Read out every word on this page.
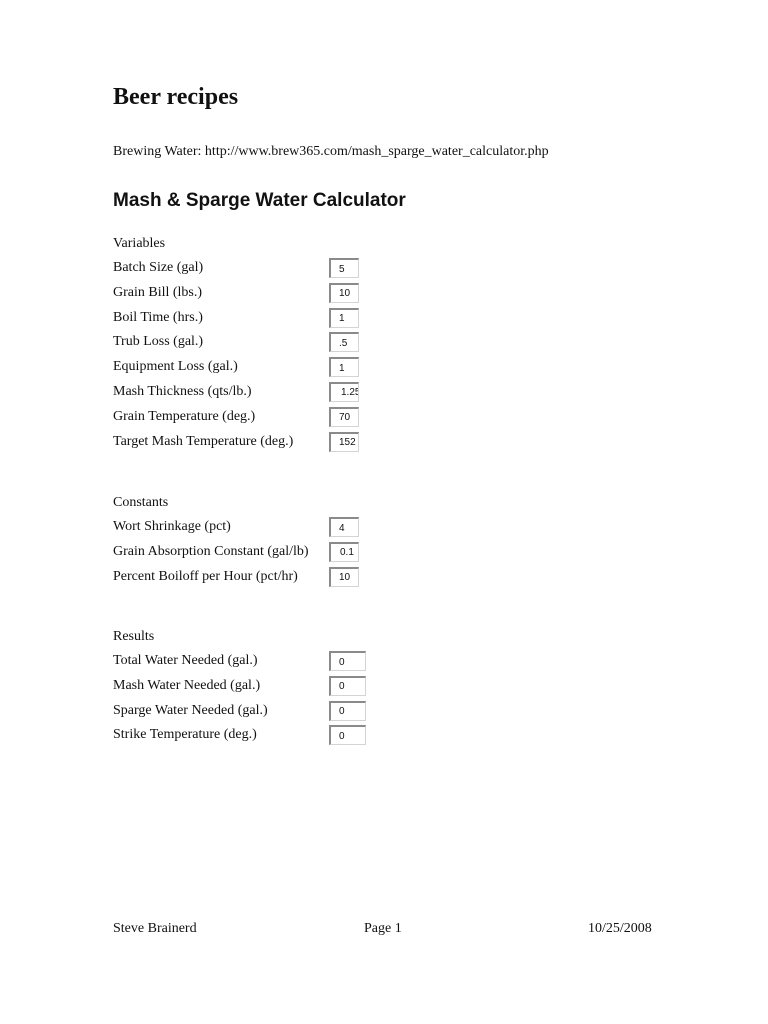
Beer recipes
Brewing Water: http://www.brew365.com/mash_sparge_water_calculator.php
Mash & Sparge Water Calculator
Variables
Batch Size (gal)
5
Grain Bill (lbs.)
10
Boil Time (hrs.)
1
Trub Loss (gal.)
.5
Equipment Loss (gal.)
1
Mash Thickness (qts/lb.)
1.25
Grain Temperature (deg.)
70
Target Mash Temperature (deg.)
152
Constants
Wort Shrinkage (pct)
4
Grain Absorption Constant (gal/lb)
0.1
Percent Boiloff per Hour (pct/hr)
10
Results
Total Water Needed (gal.)
0
Mash Water Needed (gal.)
0
Sparge Water Needed (gal.)
0
Strike Temperature (deg.)
0
Steve Brainerd	Page 1	10/25/2008
